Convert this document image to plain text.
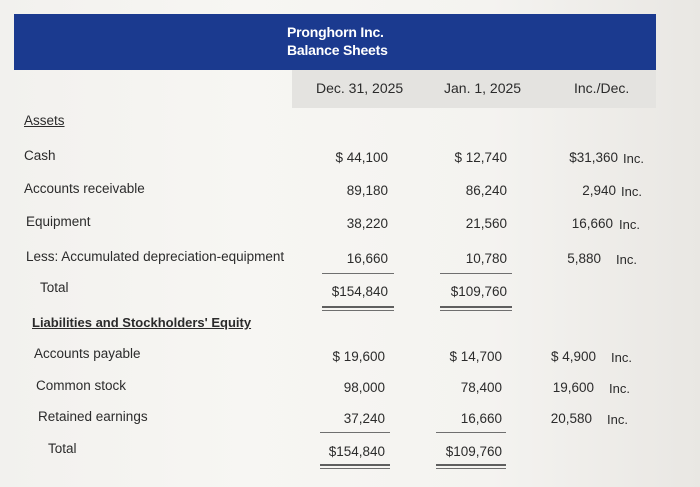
Pronghorn Inc.
Balance Sheets
Dec. 31, 2025	Jan. 1, 2025	Inc./Dec.
Assets
Cash	$ 44,100	$ 12,740	$31,360 Inc.
Accounts receivable	89,180	86,240	2,940 Inc.
Equipment	38,220	21,560	16,660 Inc.
Less: Accumulated depreciation-equipment	16,660	10,780	5,880 Inc.
Total	$154,840	$109,760
Liabilities and Stockholders' Equity
Accounts payable	$ 19,600	$ 14,700	$ 4,900 Inc.
Common stock	98,000	78,400	19,600 Inc.
Retained earnings	37,240	16,660	20,580 Inc.
Total	$154,840	$109,760
